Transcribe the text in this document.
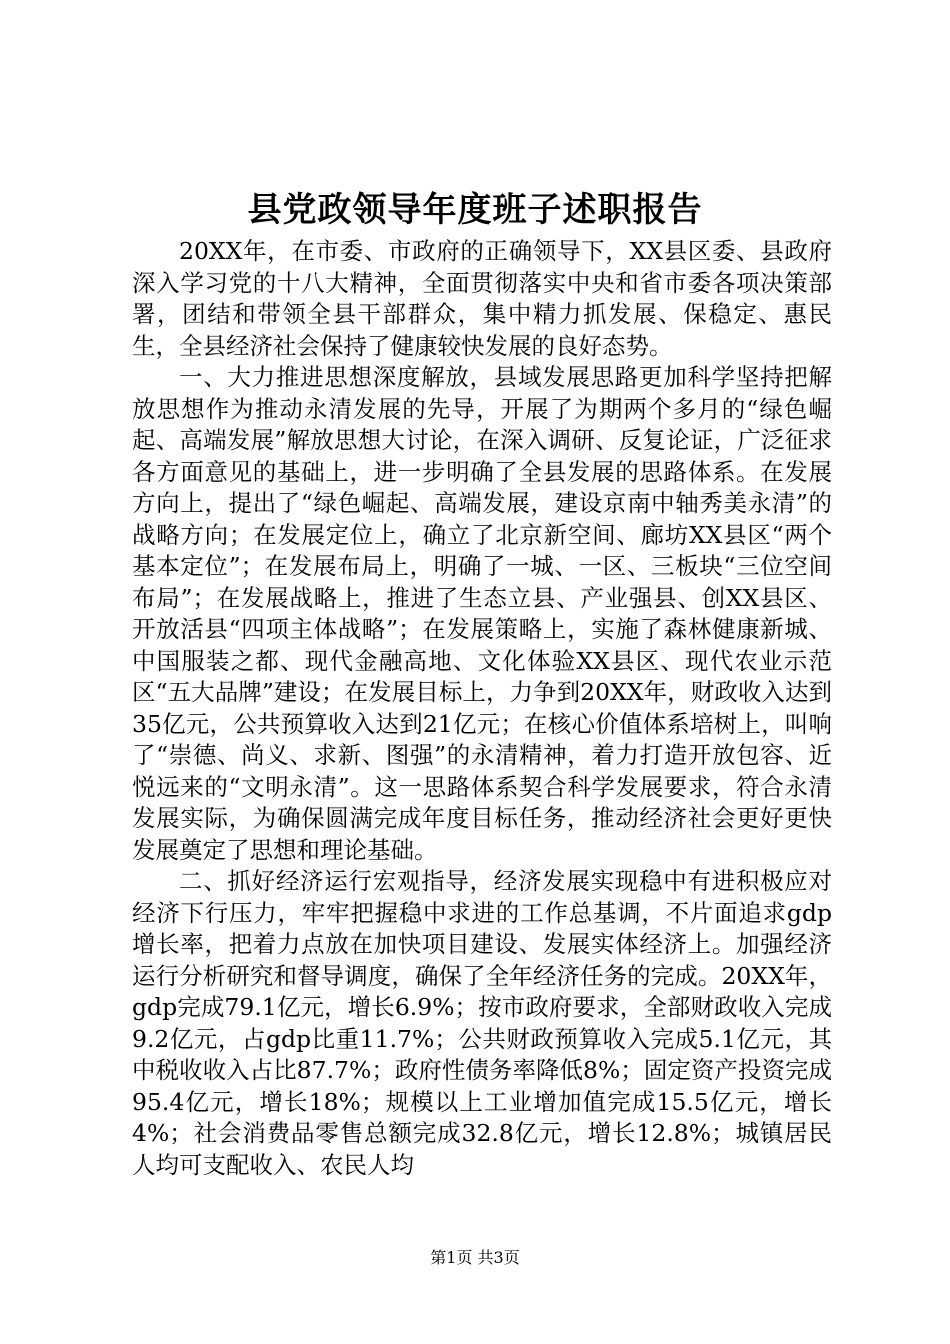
县党政领导年度班子述职报告

20XX年，在市委、市政府的正确领导下，XX县区委、县政府深入学习党的十八大精神，全面贯彻落实中央和省市委各项决策部署，团结和带领全县干部群众，集中精力抓发展、保稳定、惠民生，全县经济社会保持了健康较快发展的良好态势。

一、大力推进思想深度解放，县域发展思路更加科学坚持把解放思想作为推动永清发展的先导，开展了为期两个多月的“绿色崛起、高端发展”解放思想大讨论，在深入调研、反复论证，广泛征求各方面意见的基础上，进一步明确了全县发展的思路体系。在发展方向上，提出了“绿色崛起、高端发展，建设京南中轴秀美永清”的战略方向；在发展定位上，确立了北京新空间、廊坊XX县区“两个基本定位”；在发展布局上，明确了一城、一区、三板块“三位空间布局”；在发展战略上，推进了生态立县、产业强县、创XX县区、开放活县“四项主体战略”；在发展策略上，实施了森林健康新城、中国服装之都、现代金融高地、文化体验XX县区、现代农业示范区“五大品牌”建设；在发展目标上，力争到20XX年，财政收入达到35亿元，公共预算收入达到21亿元；在核心价值体系培树上，叫响了“崇德、尚义、求新、图强”的永清精神，着力打造开放包容、近悦远来的“文明永清”。这一思路体系契合科学发展要求，符合永清发展实际，为确保圆满完成年度目标任务，推动经济社会更好更快发展奠定了思想和理论基础。

二、抓好经济运行宏观指导，经济发展实现稳中有进积极应对经济下行压力，牢牢把握稳中求进的工作总基调，不片面追求gdp增长率，把着力点放在加快项目建设、发展实体经济上。加强经济运行分析研究和督导调度，确保了全年经济任务的完成。20XX年，gdp完成79.1亿元，增长6.9%；按市政府要求，全部财政收入完成9.2亿元，占gdp比重11.7%；公共财政预算收入完成5.1亿元，其中税收收入占比87.7%；政府性债务率降低8%；固定资产投资完成95.4亿元，增长18%；规模以上工业增加值完成15.5亿元，增长4%；社会消费品零售总额完成32.8亿元，增长12.8%；城镇居民人均可支配收入、农民人均

第1页 共3页
